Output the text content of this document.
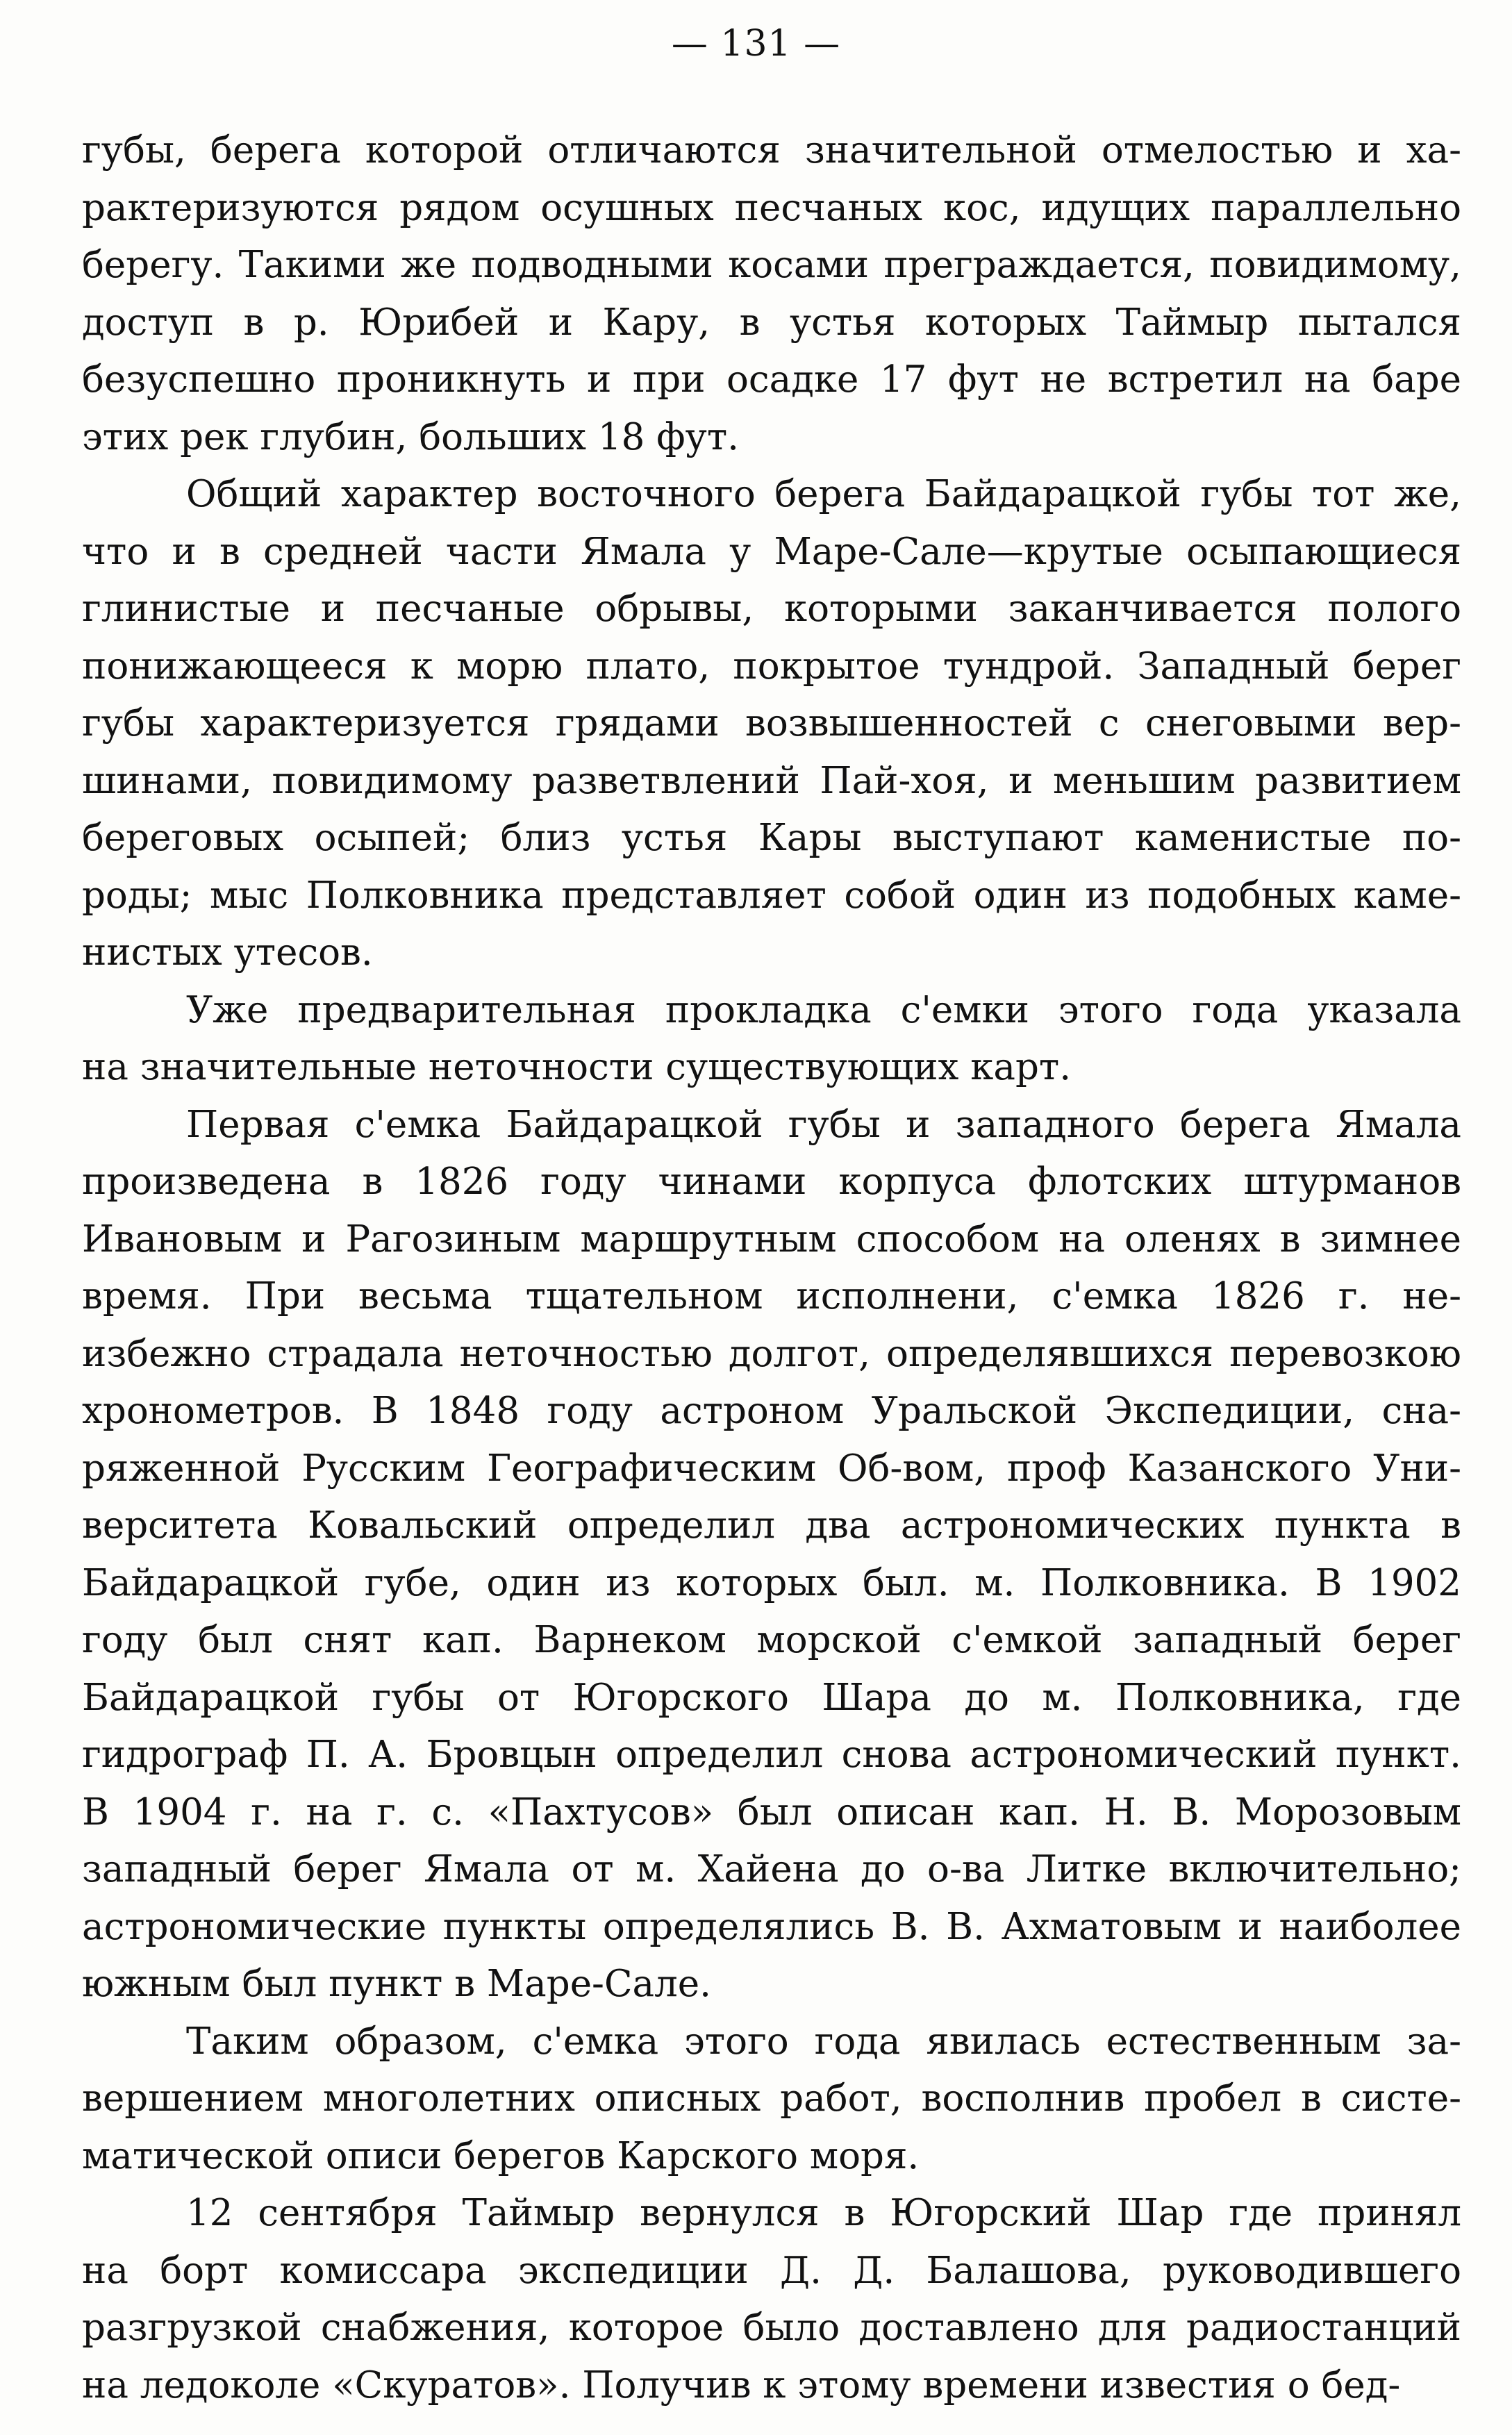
— 131 —
губы, берега которой отличаются значительной отмелостью и ха-
рактеризуются рядом осушных песчаных кос, идущих параллельно
берегу. Такими же подводными косами преграждается, повидимому,
доступ в р. Юрибей и Кару, в устья которых Таймыр пытался
безуспешно проникнуть и при осадке 17 фут не встретил на баре
этих рек глубин, больших 18 фут.
Общий характер восточного берега Байдарацкой губы тот же,
что и в средней части Ямала у Маре-Сале—крутые осыпающиеся
глинистые и песчаные обрывы, которыми заканчивается полого
понижающееся к морю плато, покрытое тундрой. Западный берег
губы характеризуется грядами возвышенностей с снеговыми вер-
шинами, повидимому разветвлений Пай-хоя, и меньшим развитием
береговых осыпей; близ устья Кары выступают каменистые по-
роды; мыс Полковника представляет собой один из подобных каме-
нистых утесов.
Уже предварительная прокладка с'емки этого года указала
на значительные неточности существующих карт.
Первая с'емка Байдарацкой губы и западного берега Ямала
произведена в 1826 году чинами корпуса флотских штурманов
Ивановым и Рагозиным маршрутным способом на оленях в зимнее
время. При весьма тщательном исполнени, с'емка 1826 г. не-
избежно страдала неточностью долгот, определявшихся перевозкою
хронометров. В 1848 году астроном Уральской Экспедиции, сна-
ряженной Русским Географическим Об-вом, проф Казанского Уни-
верситета Ковальский определил два астрономических пункта в
Байдарацкой губе, один из которых был. м. Полковника. В 1902
году был снят кап. Варнеком морской с'емкой западный берег
Байдарацкой губы от Югорского Шара до м. Полковника, где
гидрограф П. А. Бровцын определил снова астрономический пункт.
В 1904 г. на г. с. «Пахтусов» был описан кап. Н. В. Морозовым
западный берег Ямала от м. Хайена до о-ва Литке включительно;
астрономические пункты определялись В. В. Ахматовым и наиболее
южным был пункт в Маре-Сале.
Таким образом, с'емка этого года явилась естественным за-
вершением многолетних описных работ, восполнив пробел в систе-
матической описи берегов Карского моря.
12 сентября Таймыр вернулся в Югорский Шар где принял
на борт комиссара экспедиции Д. Д. Балашова, руководившего
разгрузкой снабжения, которое было доставлено для радиостанций
на ледоколе «Скуратов». Получив к этому времени известия о бед-
